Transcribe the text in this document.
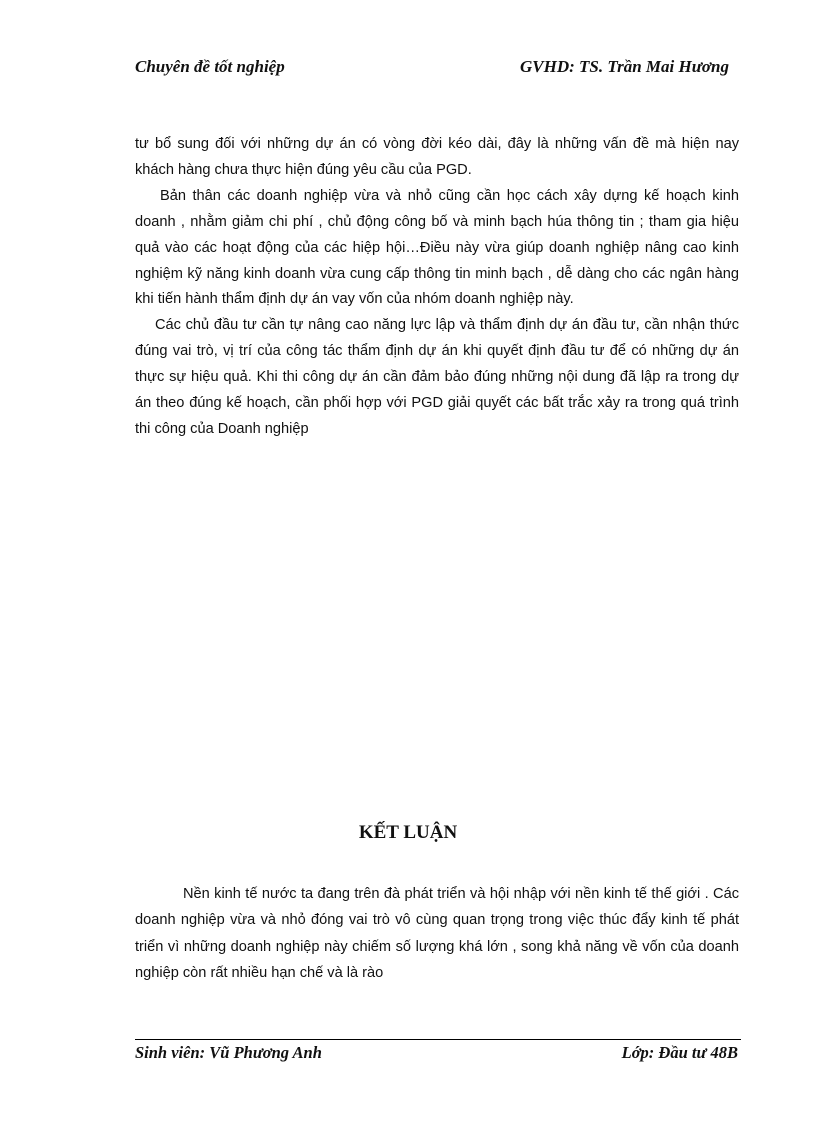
Chuyên đề tốt nghiệp	GVHD: TS. Trần Mai Hương

tư bổ sung đối với những dự án có vòng đời kéo dài, đây là những vấn đề mà hiện nay khách hàng chưa thực hiện đúng yêu cầu của PGD.

Bản thân các doanh nghiệp vừa và nhỏ cũng cần học cách xây dựng kế hoạch kinh doanh , nhằm giảm chi phí , chủ động công bố và minh bạch húa thông tin ; tham gia hiệu quả vào các hoạt động của các hiệp hội…Điều này vừa giúp doanh nghiệp nâng cao kinh nghiệm kỹ năng kinh doanh vừa cung cấp thông tin minh bạch , dễ dàng cho các ngân hàng khi tiến hành thẩm định dự án vay vốn của nhóm doanh nghiệp này.

Các chủ đầu tư cần tự nâng cao năng lực lập và thẩm định dự án đầu tư, cần nhận thức đúng vai trò, vị trí của công tác thẩm định dự án khi quyết định đầu tư để có những dự án thực sự hiệu quả. Khi thi công dự án cần đảm bảo đúng những nội dung đã lập ra trong dự án theo đúng kế hoạch, cần phối hợp với PGD giải quyết các bất trắc xảy ra trong quá trình thi công của Doanh nghiệp

KẾT LUẬN

Nền kinh tế nước ta đang trên đà phát triển và hội nhập với nền kinh tế thế giới . Các doanh nghiệp vừa và nhỏ đóng vai trò vô cùng quan trọng trong việc thúc đẩy kinh tế phát triển vì những doanh nghiệp này chiếm số lượng khá lớn , song khả năng về vốn của doanh nghiệp còn rất nhiều hạn chế và là rào

Sinh viên: Vũ Phương Anh	Lớp: Đầu tư 48B
